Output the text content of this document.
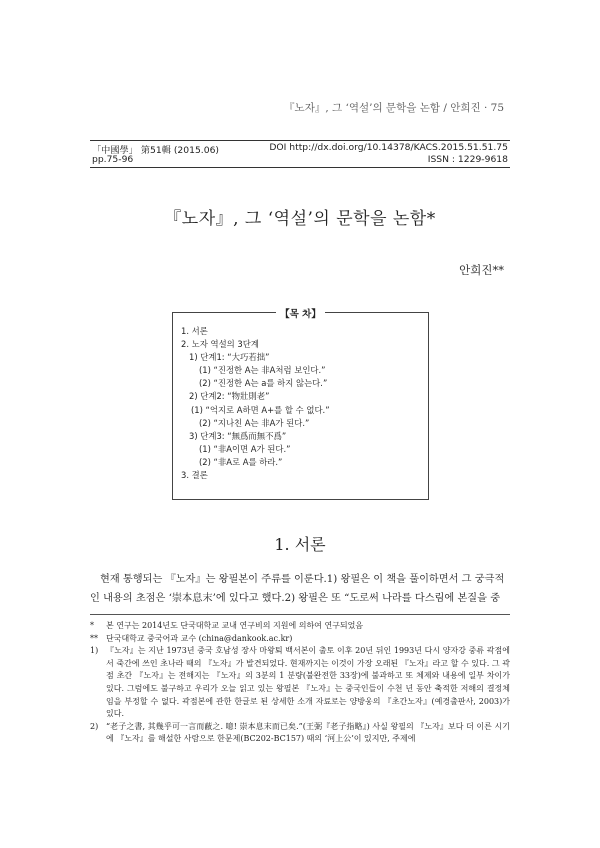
『노자』, 그 ‘역설’의 문학을 논함 / 안희진 · 75
「中國學」 第51輯 (2015.06)	DOI http://dx.doi.org/10.14378/KACS.2015.51.51.75
pp.75-96	ISSN : 1229-9618
『노자』, 그 ‘역설’의 문학을 논함*
안희진**
【목 차】
1. 서론
2. 노자 역설의 3단계
1) 단계1: “大巧若拙”
(1) “진정한 A는 非A처럼 보인다.”
(2) “진정한 A는 a를 하지 않는다.”
2) 단계2: “物壯則老”
(1) “억지로 A하면 A+를 할 수 없다.”
(2) “지나친 A는 非A가 된다.”
3) 단계3: “無爲而無不爲”
(1) “非A이면 A가 된다.”
(2) “非A로 A를 하라.”
3. 결론
1. 서론

현재 통행되는 『노자』는 왕필본이 주류를 이룬다.1) 왕필은 이 책을 풀이하면서 그 궁극적

인 내용의 초점은 ‘崇本息末’에 있다고 했다.2) 왕필은 또 “도로써 나라를 다스림에 본질을 중

*	본 연구는 2014년도 단국대학교 교내 연구비의 지원에 의하여 연구되었음
**	단국대학교 중국어과 교수 (china@dankook.ac.kr)
1) 『노자』는 지난 1973년 중국 호남성 장사 마왕퇴 백서본이 출토 이후 20년 뒤인 1993년 다시 양자강 중류 곽점에서 죽간에 쓰인 초나라 때의 『노자』가 발견되었다. 현재까지는 이것이 가장 오래된 『노자』라고 할 수 있다. 그 곽점 초간 『노자』는 전해지는 『노자』의 3분의 1 분량(불완전한 33장)에 불과하고 또 체제와 내용에 일부 차이가 있다. 그럼에도 불구하고 우리가 오늘 읽고 있는 왕필본 『노자』는 중국인들이 수천 년 동안 축적한 저해의 결정체임을 부정할 수 없다. 곽점본에 관한 한글로 된 상세한 소개 자료로는 양방웅의 『초간노자』(예경출판사, 2003)가 있다.
2) “老子之書, 其幾乎可一言而蔽之. 噫! 崇本息末而已矣.”(王弼『老子指略』) 사실 왕필의 『노자』보다 더 이른 시기에 『노자』를 해설한 사람으로 한문제(BC202-BC157) 때의 ‘河上公’이 있지만, 주제에
